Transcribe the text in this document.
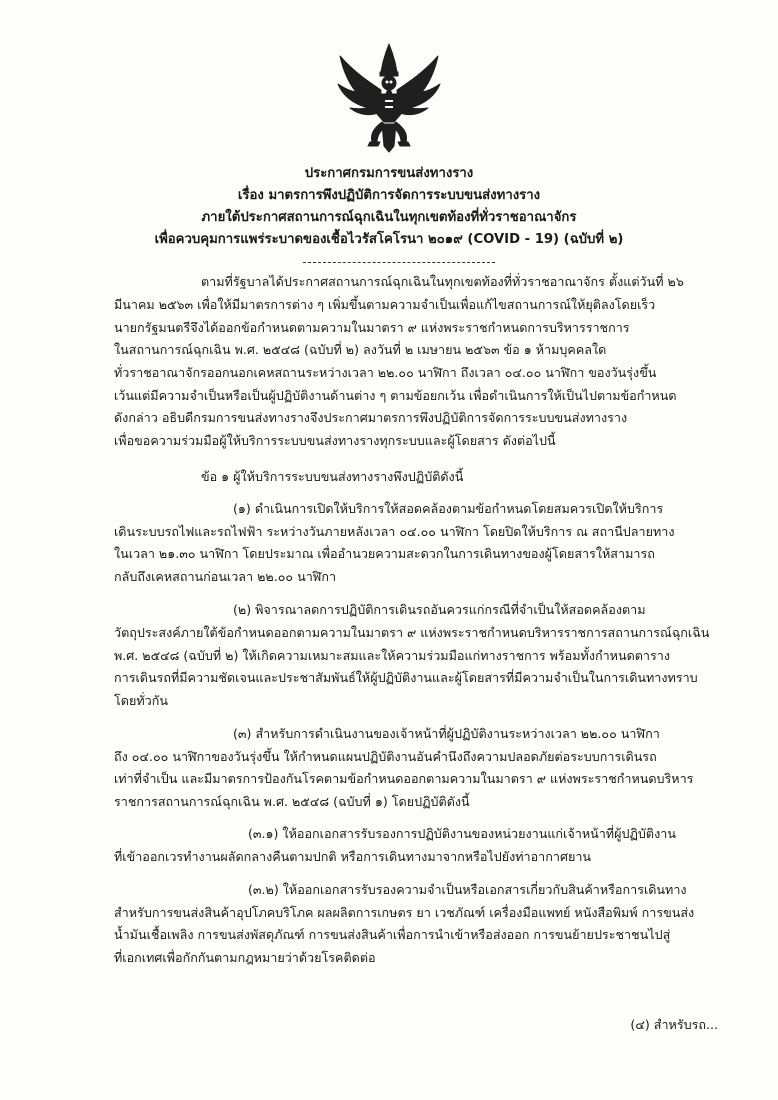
ประกาศกรมการขนส่งทางราง
เรื่อง มาตรการพึงปฏิบัติการจัดการระบบขนส่งทางราง
ภายใต้ประกาศสถานการณ์ฉุกเฉินในทุกเขตท้องที่ทั่วราชอาณาจักร
เพื่อควบคุมการแพร่ระบาดของเชื้อไวรัสโคโรนา ๒๐๑๙ (COVID - 19) (ฉบับที่ ๒)
ตามที่รัฐบาลได้ประกาศสถานการณ์ฉุกเฉินในทุกเขตท้องที่ทั่วราชอาณาจักร ตั้งแต่วันที่ ๒๖
มีนาคม ๒๕๖๓ เพื่อให้มีมาตรการต่าง ๆ เพิ่มขึ้นตามความจำเป็นเพื่อแก้ไขสถานการณ์ให้ยุติลงโดยเร็ว
นายกรัฐมนตรีจึงได้ออกข้อกำหนดตามความในมาตรา ๙ แห่งพระราชกำหนดการบริหารราชการ
ในสถานการณ์ฉุกเฉิน พ.ศ. ๒๕๔๘ (ฉบับที่ ๒) ลงวันที่ ๒ เมษายน ๒๕๖๓ ข้อ ๑ ห้ามบุคคลใด
ทั่วราชอาณาจักรออกนอกเคหสถานระหว่างเวลา ๒๒.๐๐ นาฬิกา ถึงเวลา ๐๔.๐๐ นาฬิกา ของวันรุ่งขึ้น
เว้นแต่มีความจำเป็นหรือเป็นผู้ปฏิบัติงานด้านต่าง ๆ ตามข้อยกเว้น เพื่อดำเนินการให้เป็นไปตามข้อกำหนด
ดังกล่าว อธิบดีกรมการขนส่งทางรางจึงประกาศมาตรการพึงปฏิบัติการจัดการระบบขนส่งทางราง
เพื่อขอความร่วมมือผู้ให้บริการระบบขนส่งทางรางทุกระบบและผู้โดยสาร ดังต่อไปนี้
ข้อ ๑ ผู้ให้บริการระบบขนส่งทางรางพึงปฏิบัติดังนี้
(๑) ดำเนินการเปิดให้บริการให้สอดคล้องตามข้อกำหนดโดยสมควรเปิดให้บริการ
เดินระบบรถไฟและรถไฟฟ้า ระหว่างวันภายหลังเวลา ๐๔.๐๐ นาฬิกา โดยปิดให้บริการ ณ สถานีปลายทาง
ในเวลา ๒๑.๓๐ นาฬิกา โดยประมาณ เพื่ออำนวยความสะดวกในการเดินทางของผู้โดยสารให้สามารถ
กลับถึงเคหสถานก่อนเวลา ๒๒.๐๐ นาฬิกา
(๒) พิจารณาลดการปฏิบัติการเดินรถอันควรแก่กรณีที่จำเป็นให้สอดคล้องตาม
วัตถุประสงค์ภายใต้ข้อกำหนดออกตามความในมาตรา ๙ แห่งพระราชกำหนดบริหารราชการสถานการณ์ฉุกเฉิน
พ.ศ. ๒๕๔๘ (ฉบับที่ ๒) ให้เกิดความเหมาะสมและให้ความร่วมมือแก่ทางราชการ พร้อมทั้งกำหนดตาราง
การเดินรถที่มีความชัดเจนและประชาสัมพันธ์ให้ผู้ปฏิบัติงานและผู้โดยสารที่มีความจำเป็นในการเดินทางทราบ
โดยทั่วกัน
(๓) สำหรับการดำเนินงานของเจ้าหน้าที่ผู้ปฏิบัติงานระหว่างเวลา ๒๒.๐๐ นาฬิกา
ถึง ๐๔.๐๐ นาฬิกาของวันรุ่งขึ้น ให้กำหนดแผนปฏิบัติงานอันคำนึงถึงความปลอดภัยต่อระบบการเดินรถ
เท่าที่จำเป็น และมีมาตรการป้องกันโรคตามข้อกำหนดออกตามความในมาตรา ๙ แห่งพระราชกำหนดบริหาร
ราชการสถานการณ์ฉุกเฉิน พ.ศ. ๒๕๔๘ (ฉบับที่ ๑) โดยปฏิบัติดังนี้
(๓.๑) ให้ออกเอกสารรับรองการปฏิบัติงานของหน่วยงานแก่เจ้าหน้าที่ผู้ปฏิบัติงาน
ที่เข้าออกเวรทำงานผลัดกลางคืนตามปกติ หรือการเดินทางมาจากหรือไปยังท่าอากาศยาน
(๓.๒) ให้ออกเอกสารรับรองความจำเป็นหรือเอกสารเกี่ยวกับสินค้าหรือการเดินทาง
สำหรับการขนส่งสินค้าอุปโภคบริโภค ผลผลิตการเกษตร ยา เวชภัณฑ์ เครื่องมือแพทย์ หนังสือพิมพ์ การขนส่ง
น้ำมันเชื้อเพลิง การขนส่งพัสดุภัณฑ์ การขนส่งสินค้าเพื่อการนำเข้าหรือส่งออก การขนย้ายประชาชนไปสู่
ที่เอกเทศเพื่อกักกันตามกฎหมายว่าด้วยโรคติดต่อ
(๔) สำหรับรถ...
